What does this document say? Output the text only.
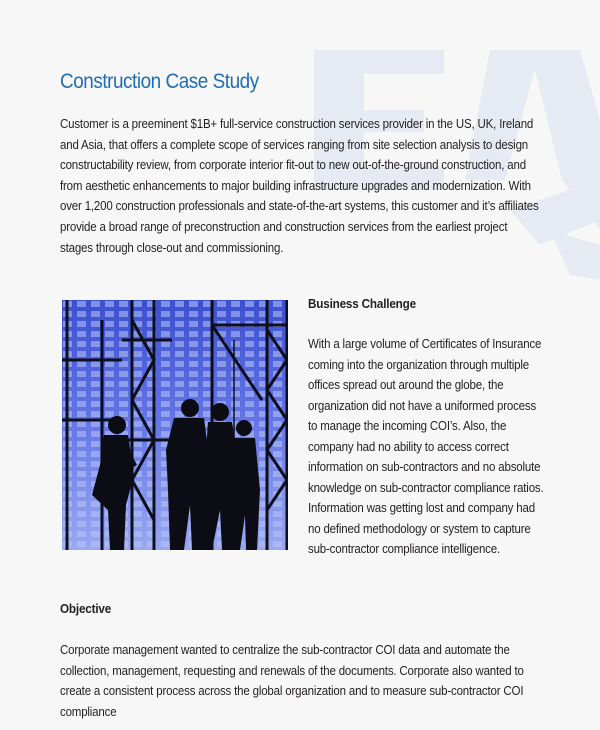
Construction Case Study

Customer is a preeminent $1B+ full-service construction services provider in the US, UK, Ireland and Asia, that offers a complete scope of services ranging from site selection analysis to design constructability review, from corporate interior fit-out to new out-of-the-ground construction, and from aesthetic enhancements to major building infrastructure upgrades and modernization. With over 1,200 construction professionals and state-of-the-art systems, this customer and it’s affiliates provide a broad range of preconstruction and construction services from the earliest project stages through close-out and commissioning.

Business Challenge

With a large volume of Certificates of Insurance coming into the organization through multiple offices spread out around the globe, the organization did not have a uniformed process to manage the incoming COI’s. Also, the company had no ability to access correct information on sub-contractors and no absolute knowledge on sub-contractor compliance ratios. Information was getting lost and company had no defined methodology or system to capture sub-contractor compliance intelligence.

Objective

Corporate management wanted to centralize the sub-contractor COI data and automate the collection, management, requesting and renewals of the documents. Corporate also wanted to create a consistent process across the global organization and to measure sub-contractor COI compliance
